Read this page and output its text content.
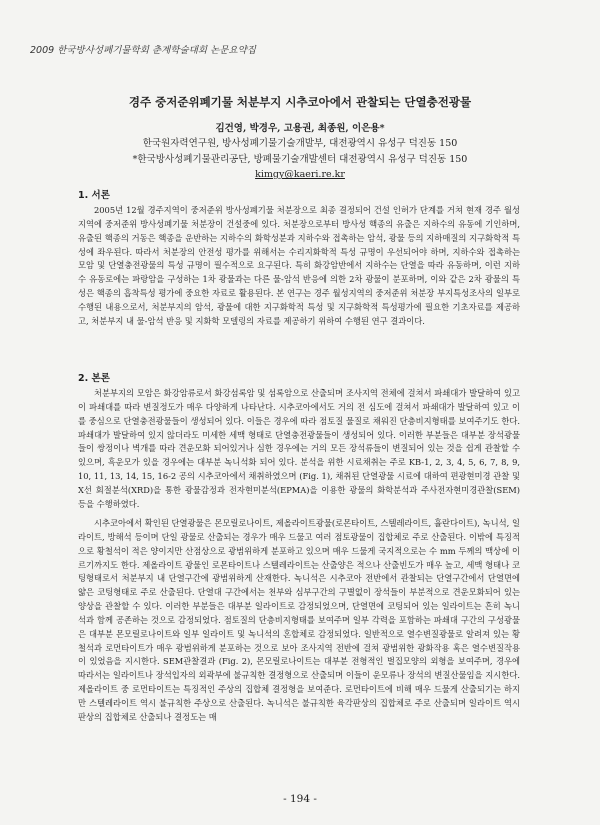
2009 한국방사성폐기물학회 춘계학술대회 논문요약집
경주 중저준위폐기물 처분부지 시추코아에서 관찰되는 단열충전광물
김건영, 박경우, 고용권, 최종원, 이은용*
한국원자력연구원, 방사성폐기물기술개발부, 대전광역시 유성구 덕진동 150
*한국방사성폐기물관리공단, 방폐물기술개발센터 대전광역시 유성구 덕진동 150
kimgy@kaeri.re.kr
1. 서론
2005년 12월 경주지역이 중저준위 방사성폐기물 처분장으로 최종 결정되어 건설 인허가 단계를 거쳐 현재 경주 월성지역에 중저준위 방사성폐기물 처분장이 건설중에 있다. 처분장으로부터 방사성 핵종의 유출은 지하수의 유동에 기인하며, 유출된 핵종의 거동은 핵종을 운반하는 지하수의 화학성분과 지하수와 접촉하는 암석, 광물 등의 지하매질의 지구화학적 특성에 좌우된다. 따라서 처분장의 안전성 평가를 위해서는 수리지화학적 특성 규명이 우선되어야 하며, 지하수와 접촉하는 모암 및 단열충전광물의 특성 규명이 필수적으로 요구된다. 특히 화강암반에서 지하수는 단열을 따라 유동하며, 이런 지하수 유동로에는 파랑암을 구성하는 1차 광물과는 다른 물-암석 반응에 의한 2차 광물이 분포하며, 이와 같은 2차 광물의 특성은 핵종의 흡착특성 평가에 중요한 자료로 활용된다. 본 연구는 경주 월성지역의 중저준위 처분장 부지특성조사의 일부로 수행된 내용으로서, 처분부지의 암석, 광물에 대한 지구화학적 특성 및 지구화학적 특성평가에 필요한 기초자료를 제공하고, 처분부지 내 물-암석 반응 및 지화학 모델링의 자료를 제공하기 위하여 수행된 연구 결과이다.
2. 본론
처분부지의 모암은 화강암류로서 화강섬록암 및 섬록암으로 산출되며 조사지역 전체에 걸쳐서 파쇄대가 발달하여 있고 이 파쇄대를 따라 변질정도가 매우 다양하게 나타난다. 시추코아에서도 거의 전 심도에 걸쳐서 파쇄대가 발달하여 있고 이를 중심으로 단열충전광물들이 생성되어 있다. 이들은 경우에 따라 점토질 물질로 채워진 단층비지형태를 보여주기도 한다. 파쇄대가 발달하여 있지 않더라도 미세한 세맥 형태로 단열충전광물들이 생성되어 있다. 이러한 부분들은 대부분 장석광물들이 쌍정이나 벽개를 따라 견운모화 되어있거나 심한 경우에는 거의 모든 장석류들이 변질되어 있는 것을 쉽게 관찰할 수 있으며, 흑운모가 있을 경우에는 대부분 녹니석화 되어 있다. 분석을 위한 시료채취는 주로 KB-1, 2, 3, 4, 5, 6, 7, 8, 9, 10, 11, 13, 14, 15, 16-2 공의 시추코아에서 채취하였으며 (Fig. 1), 채취된 단열광물 시료에 대하여 편광현미경 관찰 및 X선 회절분석(XRD)을 통한 광물감정과 전자현미분석(EPMA)을 이용한 광물의 화학분석과 주사전자현미경관찰(SEM) 등을 수행하였다.
시추코아에서 확인된 단열광물은 몬모릴로나이트, 제올라이트광물(로몬타이트, 스텔레라이트, 휼란다이트), 녹니석, 일라이트, 방해석 등이며 단일 광물로 산출되는 경우가 매우 드물고 여러 점토광물이 집합체로 주로 산출된다. 이밖에 특징적으로 황철석이 적은 양이지만 산점상으로 광범위하게 분포하고 있으며 매우 드물게 국지적으로는 수 mm 두께의 맥상에 이르기까지도 한다. 제올라이트 광물인 로몬타이트나 스텔레라이트는 산출양은 적으나 산출빈도가 매우 높고, 세맥 형태나 코팅형태로서 처분부지 내 단열구간에 광범위하게 산재한다. 녹니석은 시추코아 전반에서 관찰되는 단열구간에서 단열면에 얇은 코팅형태로 주로 산출된다. 단열대 구간에서는 천부와 심부구간의 구별없이 장석들이 부분적으로 견운모화되어 있는 양상을 관찰할 수 있다. 이러한 부분들은 대부분 일라이트로 감정되었으며, 단열면에 코팅되어 있는 일라이트는 흔히 녹니석과 함께 공존하는 것으로 감정되었다. 점토질의 단층비지형태를 보여주며 일부 각력을 포함하는 파쇄대 구간의 구성광물은 대부분 몬모릴로나이트와 일부 일라이트 및 녹니석의 혼합체로 감정되었다. 일반적으로 열수변질광물로 알려져 있는 황철석과 로먼타이트가 매우 광범위하게 분포하는 것으로 보아 조사지역 전반에 걸쳐 광범위한 광화작용 혹은 열수변질작용이 있었음을 지시한다. SEM관찰결과 (Fig. 2), 몬모릴로나이트는 대부분 전형적인 벌집모양의 외형을 보여주며, 경우에 따라서는 일라이트나 장석입자의 외곽부에 불규칙한 결정형으로 산출되며 이들이 운모류나 장석의 변질산물임을 지시한다. 제올라이트 중 로먼타이트는 특징적인 주상의 집합체 결정형을 보여준다. 로먼타이트에 비해 매우 드물게 산출되기는 하지만 스텔레라이트 역시 불규칙한 주상으로 산출된다. 녹니석은 불규칙한 육각판상의 집합체로 주로 산출되며 일라이트 역시 판상의 집합체로 산출되나 결정도는 매
- 194 -
